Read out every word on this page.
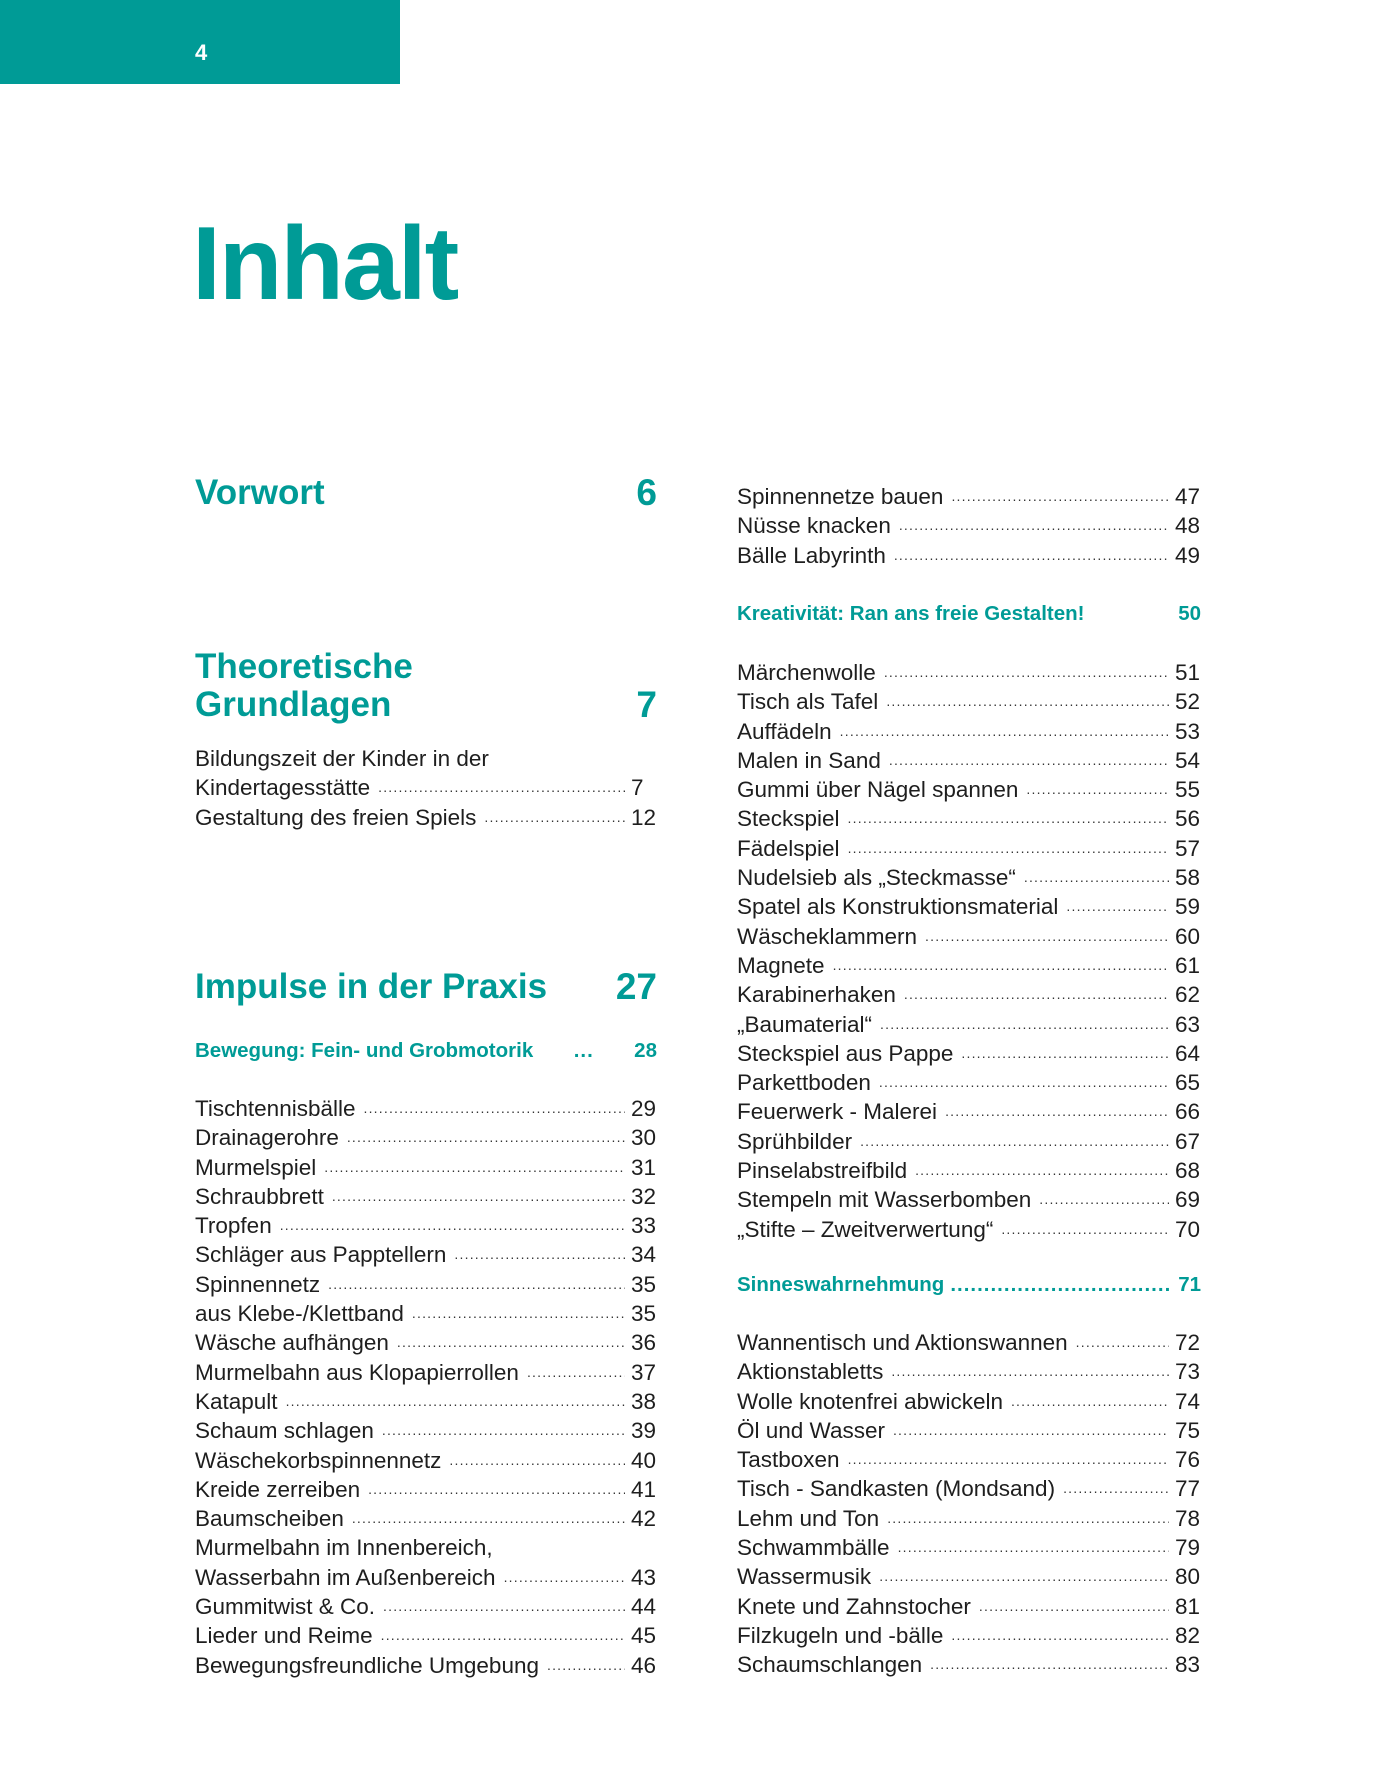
4
Inhalt
Vorwort	6
Theoretische
Grundlagen	7
Bildungszeit der Kinder in der
Kindertagesstätte .....	7
Gestaltung des freien Spiels .....	12
Impulse in der Praxis 27
Bewegung: Fein- und Grobmotorik .....	28
Tischtennisbälle .....	29
Drainagerohre .....	30
Murmelspiel .....	31
Schraubbrett .....	32
Tropfen .....	33
Schläger aus Papptellern .....	34
Spinnennetz .....	35
aus Klebe-/Klettband .....	35
Wäsche aufhängen .....	36
Murmelbahn aus Klopapierrollen .....	37
Katapult .....	38
Schaum schlagen .....	39
Wäschekorbspinnennetz .....	40
Kreide zerreiben .....	41
Baumscheiben .....	42
Murmelbahn im Innenbereich,
Wasserbahn im Außenbereich .....	43
Gummitwist & Co. .....	44
Lieder und Reime .....	45
Bewegungsfreundliche Umgebung .....	46
Spinnennetze bauen .....	47
Nüsse knacken .....	48
Bälle Labyrinth .....	49
Kreativität: Ran ans freie Gestalten!	50
Märchenwolle .....	51
Tisch als Tafel .....	52
Auffädeln .....	53
Malen in Sand .....	54
Gummi über Nägel spannen .....	55
Steckspiel .....	56
Fädelspiel .....	57
Nudelsieb als „Steckmasse“ .....	58
Spatel als Konstruktionsmaterial .....	59
Wäscheklammern .....	60
Magnete .....	61
Karabinerhaken .....	62
„Baumaterial“ .....	63
Steckspiel aus Pappe .....	64
Parkettboden .....	65
Feuerwerk - Malerei .....	66
Sprühbilder .....	67
Pinselabstreifbild .....	68
Stempeln mit Wasserbomben .....	69
„Stifte – Zweitverwertung“ .....	70
Sinneswahrnehmung .....	71
Wannentisch und Aktionswannen .....	72
Aktionstabletts .....	73
Wolle knotenfrei abwickeln .....	74
Öl und Wasser .....	75
Tastboxen .....	76
Tisch - Sandkasten (Mondsand) .....	77
Lehm und Ton .....	78
Schwammbälle .....	79
Wassermusik .....	80
Knete und Zahnstocher .....	81
Filzkugeln und -bälle .....	82
Schaumschlangen .....	83
